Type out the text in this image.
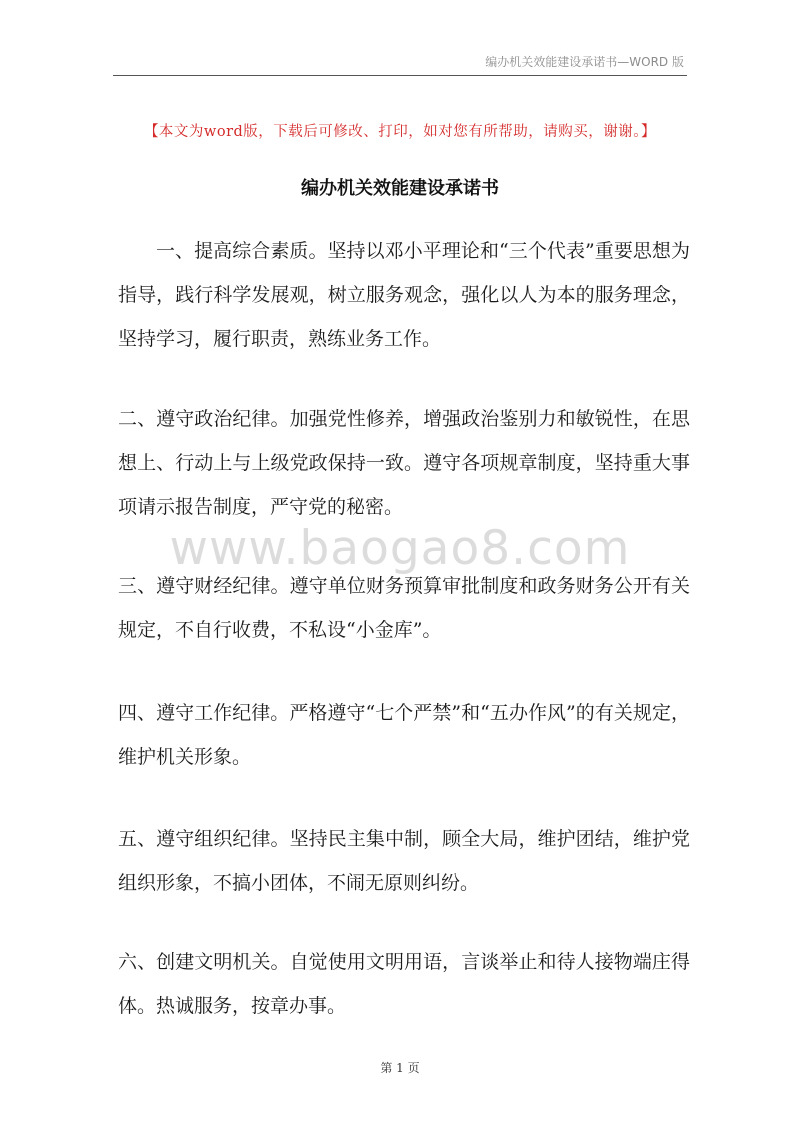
编办机关效能建设承诺书—WORD 版
【本文为word版，下载后可修改、打印，如对您有所帮助，请购买，谢谢。】
编办机关效能建设承诺书

一、提高综合素质。坚持以邓小平理论和“三个代表”重要思想为指导，践行科学发展观，树立服务观念，强化以人为本的服务理念，坚持学习，履行职责，熟练业务工作。

二、遵守政治纪律。加强党性修养，增强政治鉴别力和敏锐性，在思想上、行动上与上级党政保持一致。遵守各项规章制度，坚持重大事项请示报告制度，严守党的秘密。

www.baogao8.com

三、遵守财经纪律。遵守单位财务预算审批制度和政务财务公开有关规定，不自行收费，不私设“小金库”。

四、遵守工作纪律。严格遵守“七个严禁”和“五办作风”的有关规定，维护机关形象。

五、遵守组织纪律。坚持民主集中制，顾全大局，维护团结，维护党组织形象，不搞小团体，不闹无原则纠纷。

六、创建文明机关。自觉使用文明用语，言谈举止和待人接物端庄得体。热诚服务，按章办事。

第 1 页
